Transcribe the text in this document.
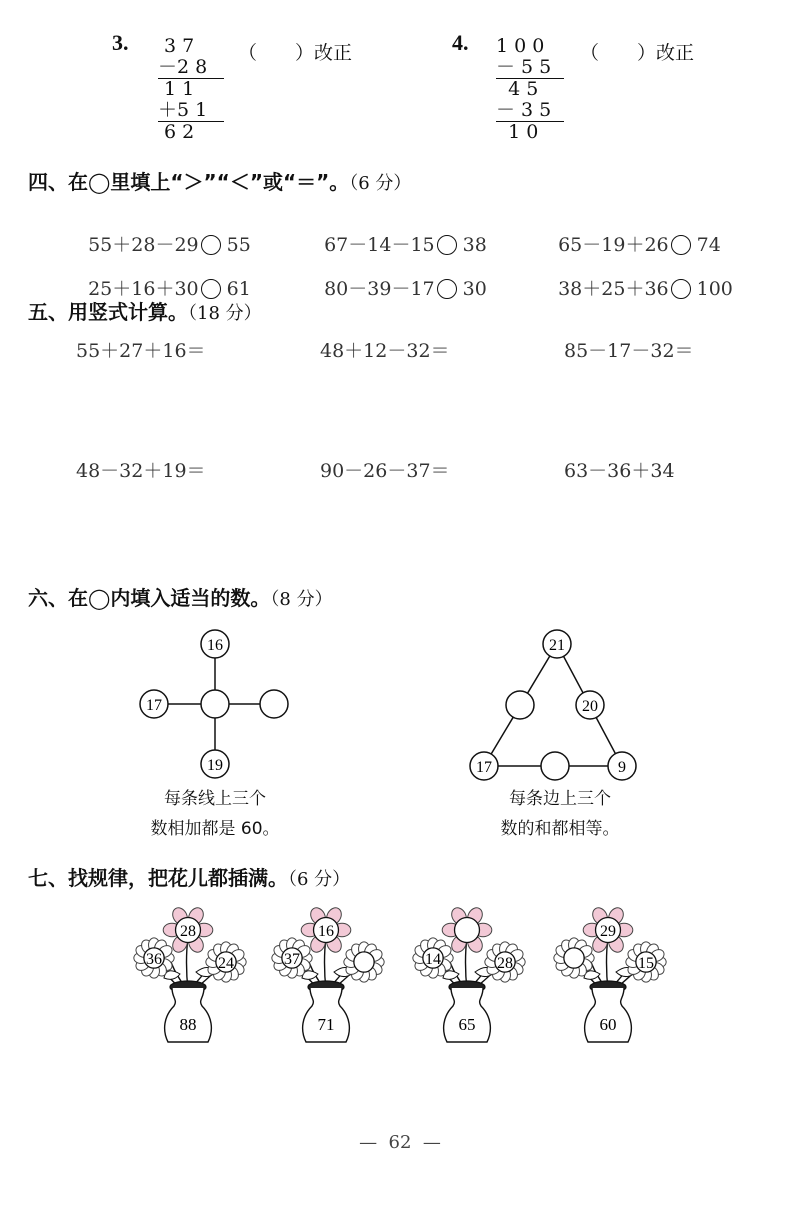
3. 3 7
－2 8
1 1
＋5 1
6 2
（　　）改正	4. 1 0 0
－ 5 5
4 5
－ 3 5
1 0
（　　）改正
四、在◯里填上“＞”“＜”或“＝”。（6 分）

55＋28－29 55	67－14－15 38	65－19＋26 74

25＋16＋30 61	80－39－17 30	38＋25＋36 100

五、用竖式计算。（18 分）
55＋27＋16＝	48＋12－32＝	85－17－32＝
48－32＋19＝	90－26－37＝	63－36＋34
六、在◯内填入适当的数。（8 分）
16
17
19
每条线上三个
数相加都是 60。
21
20
17	9
每条边上三个
数的和都相等。
七、找规律，把花儿都插满。（6 分）
36	24
28
88
37
16
71
14	28
65
15
29
60
— 62 —
